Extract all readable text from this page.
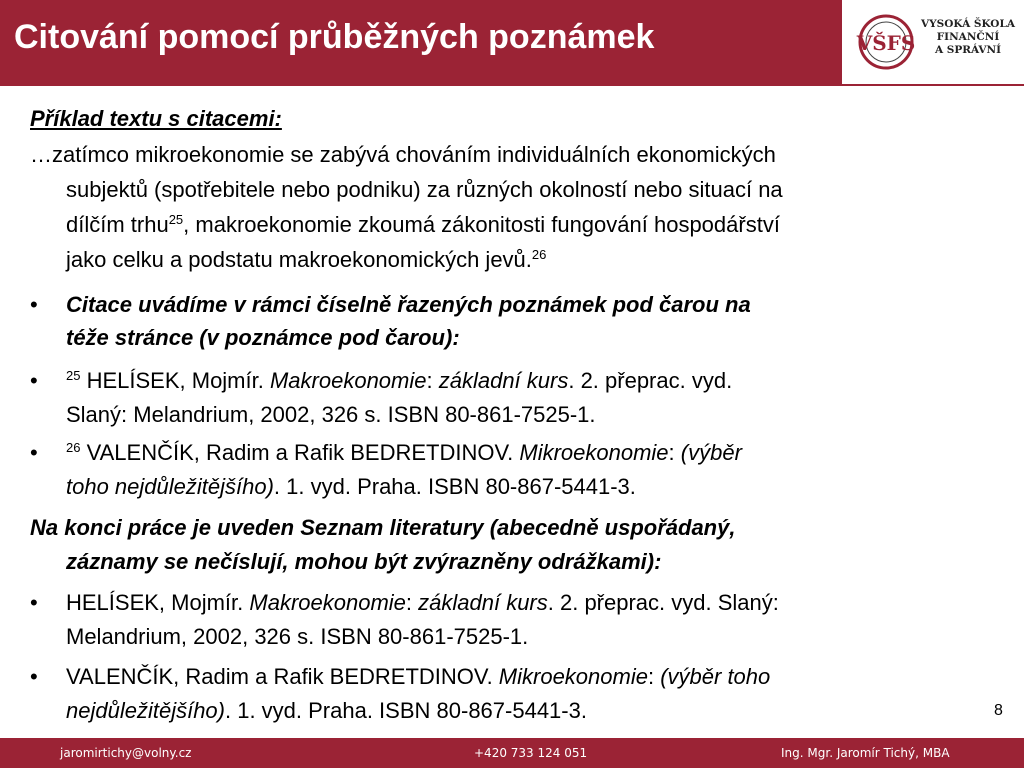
Citování pomocí průběžných poznámek	VŠFS
VYSOKÁ ŠKOLA
FINANČNÍ
A SPRÁVNÍ
Příklad textu s citacemi:
…zatímco mikroekonomie se zabývá chováním individuálních ekonomických
subjektů (spotřebitele nebo podniku) za různých okolností nebo situací na
dílčím trhu$^{25}$, makroekonomie zkoumá zákonitosti fungování hospodářství
jako celku a podstatu makroekonomických jevů.$^{26}$
• Citace uvádíme v rámci číselně řazených poznámek pod čarou na
téže stránce (v poznámce pod čarou):
• $^{25}$ HELÍSEK, Mojmír. Makroekonomie: základní kurs. 2. přeprac. vyd.
Slaný: Melandrium, 2002, 326 s. ISBN 80-861-7525-1.
• $^{26}$ VALENČÍK, Radim a Rafik BEDRETDINOV. Mikroekonomie: (výběr
toho nejdůležitějšího). 1. vyd. Praha. ISBN 80-867-5441-3.
Na konci práce je uveden Seznam literatury (abecedně uspořádaný,
záznamy se nečíslují, mohou být zvýrazněny odrážkami):
• HELÍSEK, Mojmír. Makroekonomie: základní kurs. 2. přeprac. vyd. Slaný:
Melandrium, 2002, 326 s. ISBN 80-861-7525-1.
• VALENČÍK, Radim a Rafik BEDRETDINOV. Mikroekonomie: (výběr toho
nejdůležitějšího). 1. vyd. Praha. ISBN 80-867-5441-3.	8
jaromirtichy@volny.cz	+420 733 124 051	Ing. Mgr. Jaromír Tichý, MBA
